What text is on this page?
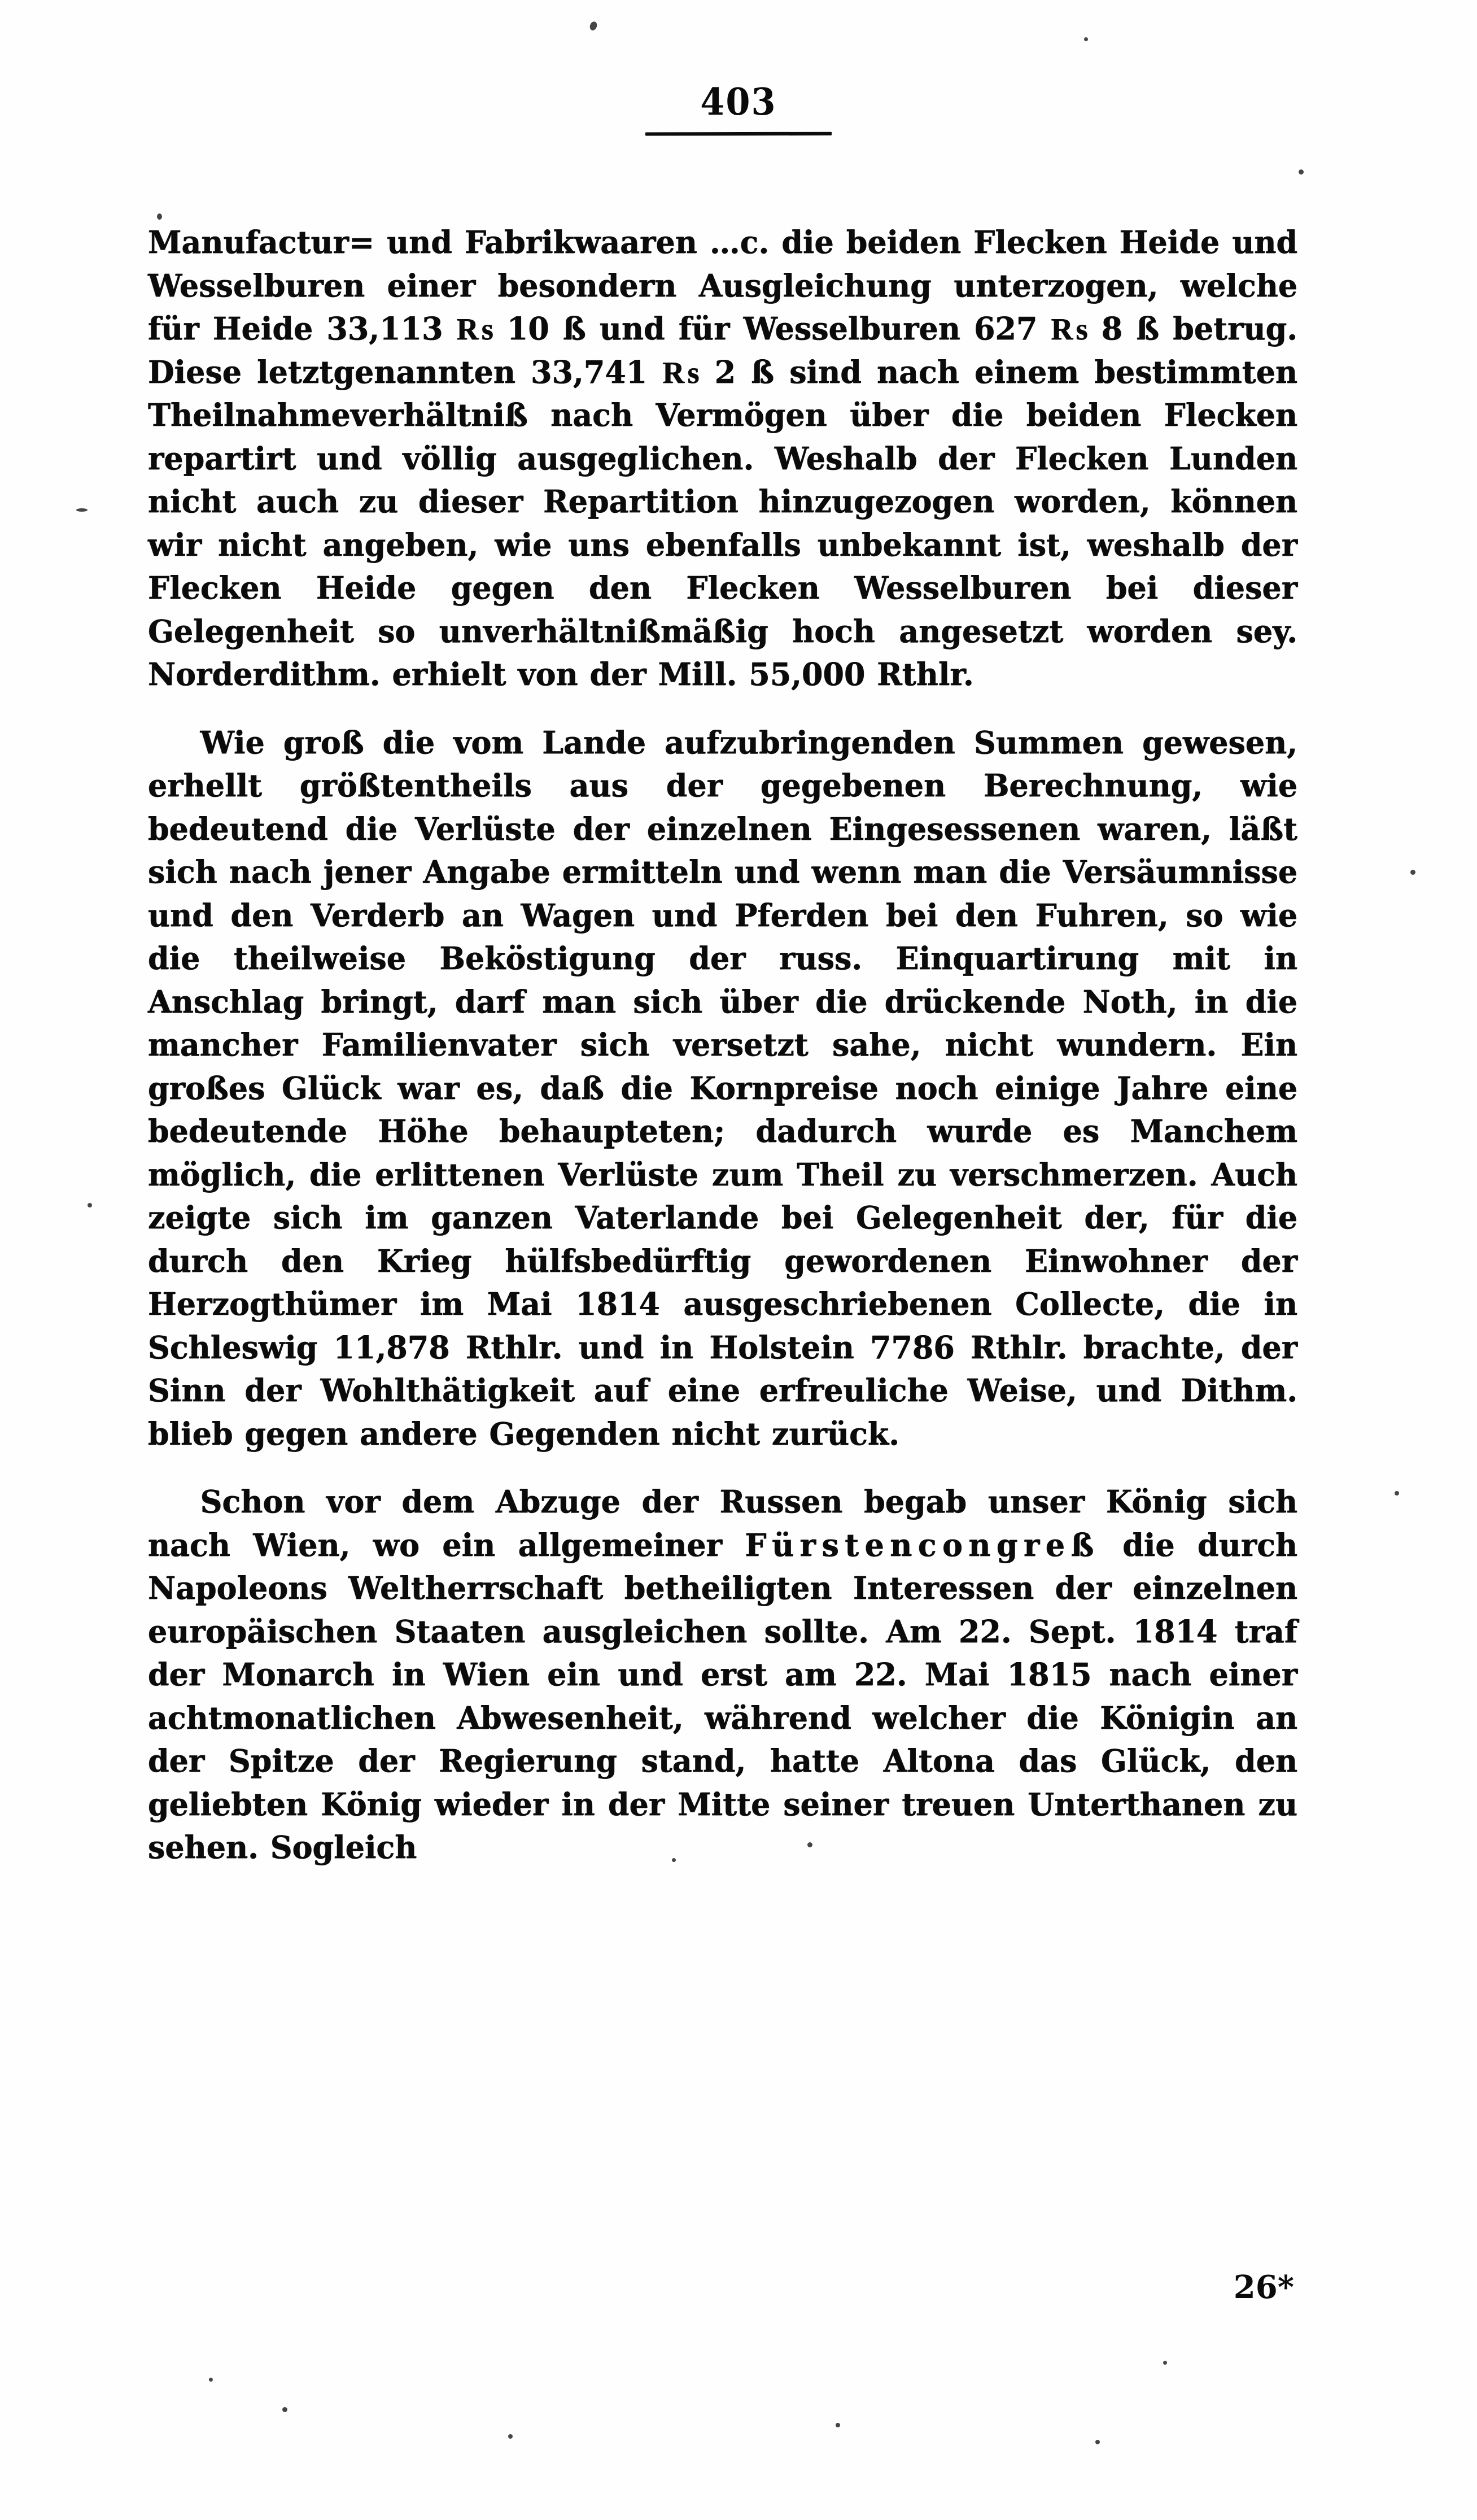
403

Manufactur= und Fabrikwaaren …c. die beiden Flecken Heide und Wesselburen einer besondern Ausgleichung unterzogen, welche für Heide 33,113 ₨ 10 ß und für Wesselburen 627 ₨ 8 ß betrug. Diese letztgenannten 33,741 ₨ 2 ß sind nach einem bestimmten Theilnahmeverhältniß nach Vermögen über die beiden Flecken repartirt und völlig ausgeglichen. Weshalb der Flecken Lunden nicht auch zu dieser Repartition hinzugezogen worden, können wir nicht angeben, wie uns ebenfalls unbekannt ist, weshalb der Flecken Heide gegen den Flecken Wesselburen bei dieser Gelegenheit so unverhältnißmäßig hoch angesetzt worden sey. Norderdithm. erhielt von der Mill. 55,000 Rthlr.

Wie groß die vom Lande aufzubringenden Summen gewesen, erhellt größtentheils aus der gegebenen Berechnung, wie bedeutend die Verlüste der einzelnen Eingesessenen waren, läßt sich nach jener Angabe ermitteln und wenn man die Versäumnisse und den Verderb an Wagen und Pferden bei den Fuhren, so wie die theilweise Beköstigung der russ. Einquartirung mit in Anschlag bringt, darf man sich über die drückende Noth, in die mancher Familienvater sich versetzt sahe, nicht wundern. Ein großes Glück war es, daß die Kornpreise noch einige Jahre eine bedeutende Höhe behaupteten; dadurch wurde es Manchem möglich, die erlittenen Verlüste zum Theil zu verschmerzen. Auch zeigte sich im ganzen Vaterlande bei Gelegenheit der, für die durch den Krieg hülfsbedürftig gewordenen Einwohner der Herzogthümer im Mai 1814 ausgeschriebenen Collecte, die in Schleswig 11,878 Rthlr. und in Holstein 7786 Rthlr. brachte, der Sinn der Wohlthätigkeit auf eine erfreuliche Weise, und Dithm. blieb gegen andere Gegenden nicht zurück.

Schon vor dem Abzuge der Russen begab unser König sich nach Wien, wo ein allgemeiner Fürstencongreß die durch Napoleons Weltherrschaft betheiligten Interessen der einzelnen europäischen Staaten ausgleichen sollte. Am 22. Sept. 1814 traf der Monarch in Wien ein und erst am 22. Mai 1815 nach einer achtmonatlichen Abwesenheit, während welcher die Königin an der Spitze der Regierung stand, hatte Altona das Glück, den geliebten König wieder in der Mitte seiner treuen Unterthanen zu sehen. Sogleich

26*
